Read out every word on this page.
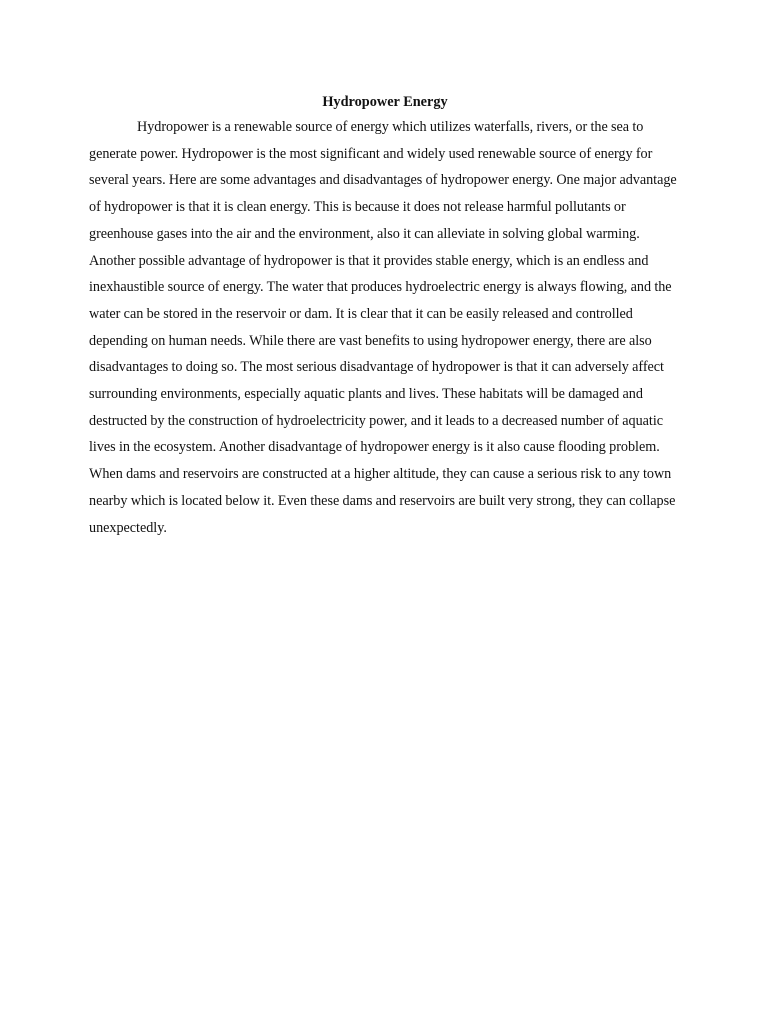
Hydropower Energy

Hydropower is a renewable source of energy which utilizes waterfalls, rivers, or the sea to generate power. Hydropower is the most significant and widely used renewable source of energy for several years. Here are some advantages and disadvantages of hydropower energy. One major advantage of hydropower is that it is clean energy. This is because it does not release harmful pollutants or greenhouse gases into the air and the environment, also it can alleviate in solving global warming. Another possible advantage of hydropower is that it provides stable energy, which is an endless and inexhaustible source of energy. The water that produces hydroelectric energy is always flowing, and the water can be stored in the reservoir or dam. It is clear that it can be easily released and controlled depending on human needs. While there are vast benefits to using hydropower energy, there are also disadvantages to doing so. The most serious disadvantage of hydropower is that it can adversely affect surrounding environments, especially aquatic plants and lives. These habitats will be damaged and destructed by the construction of hydroelectricity power, and it leads to a decreased number of aquatic lives in the ecosystem. Another disadvantage of hydropower energy is it also cause flooding problem. When dams and reservoirs are constructed at a higher altitude, they can cause a serious risk to any town nearby which is located below it. Even these dams and reservoirs are built very strong, they can collapse unexpectedly.
